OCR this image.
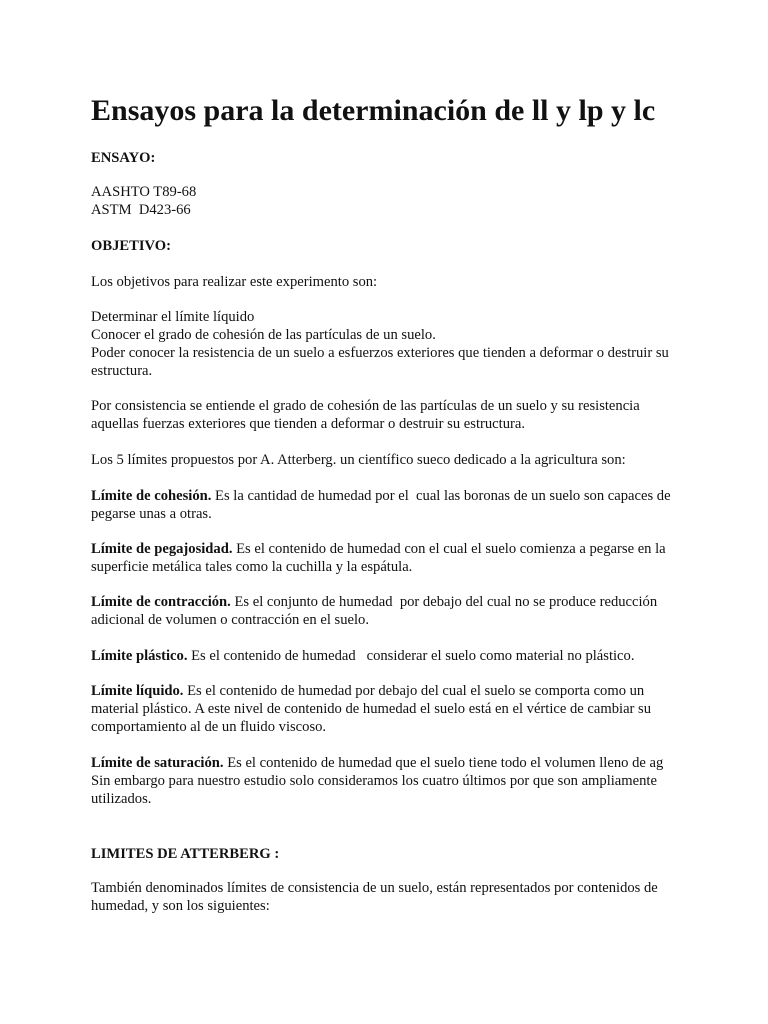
Ensayos para la determinación de ll y lp y lc

ENSAYO:

AASHTO T89-68

ASTM  D423-66

OBJETIVO:

Los objetivos para realizar este experimento son:

Determinar el límite líquido

Conocer el grado de cohesión de las partículas de un suelo.

Poder conocer la resistencia de un suelo a esfuerzos exteriores que tienden a deformar o destruir su estructura.

Por consistencia se entiende el grado de cohesión de las partículas de un suelo y su resistencia aquellas fuerzas exteriores que tienden a deformar o destruir su estructura.

Los 5 límites propuestos por A. Atterberg. un científico sueco dedicado a la agricultura son:

Límite de cohesión. Es la cantidad de humedad por el  cual las boronas de un suelo son capaces de pegarse unas a otras.

Límite de pegajosidad. Es el contenido de humedad con el cual el suelo comienza a pegarse en la superficie metálica tales como la cuchilla y la espátula.

Límite de contracción. Es el conjunto de humedad  por debajo del cual no se produce reducción adicional de volumen o contracción en el suelo.

Límite plástico. Es el contenido de humedad   considerar el suelo como material no plástico.

Límite líquido. Es el contenido de humedad por debajo del cual el suelo se comporta como un material plástico. A este nivel de contenido de humedad el suelo está en el vértice de cambiar su comportamiento al de un fluido viscoso.

Límite de saturación. Es el contenido de humedad que el suelo tiene todo el volumen lleno de ag    Sin embargo para nuestro estudio solo consideramos los cuatro últimos por que son ampliamente utilizados.

LIMITES DE ATTERBERG :

También denominados límites de consistencia de un suelo, están representados por contenidos de humedad, y son los siguientes:
